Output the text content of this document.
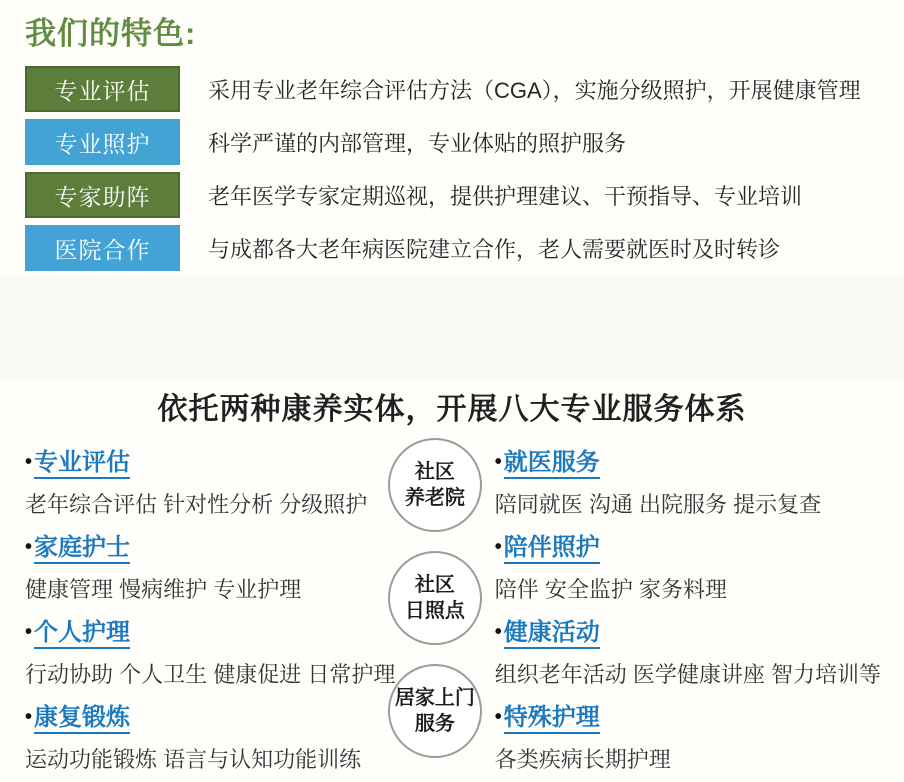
我们的特色:
专业评估	采用专业老年综合评估方法（CGA），实施分级照护，开展健康管理
专业照护	科学严谨的内部管理，专业体贴的照护服务
专家助阵	老年医学专家定期巡视，提供护理建议、干预指导、专业培训
医院合作	与成都各大老年病医院建立合作，老人需要就医时及时转诊
依托两种康养实体，开展八大专业服务体系
•专业评估
老年综合评估 针对性分析 分级照护
•家庭护士
健康管理 慢病维护 专业护理
•个人护理
行动协助 个人卫生 健康促进 日常护理
•康复锻炼
运动功能锻炼 语言与认知功能训练
社区
养老院
社区
日照点
居家上门
服务
•就医服务
陪同就医 沟通 出院服务 提示复查
•陪伴照护
陪伴 安全监护 家务料理
•健康活动
组织老年活动 医学健康讲座 智力培训等
•特殊护理
各类疾病长期护理
